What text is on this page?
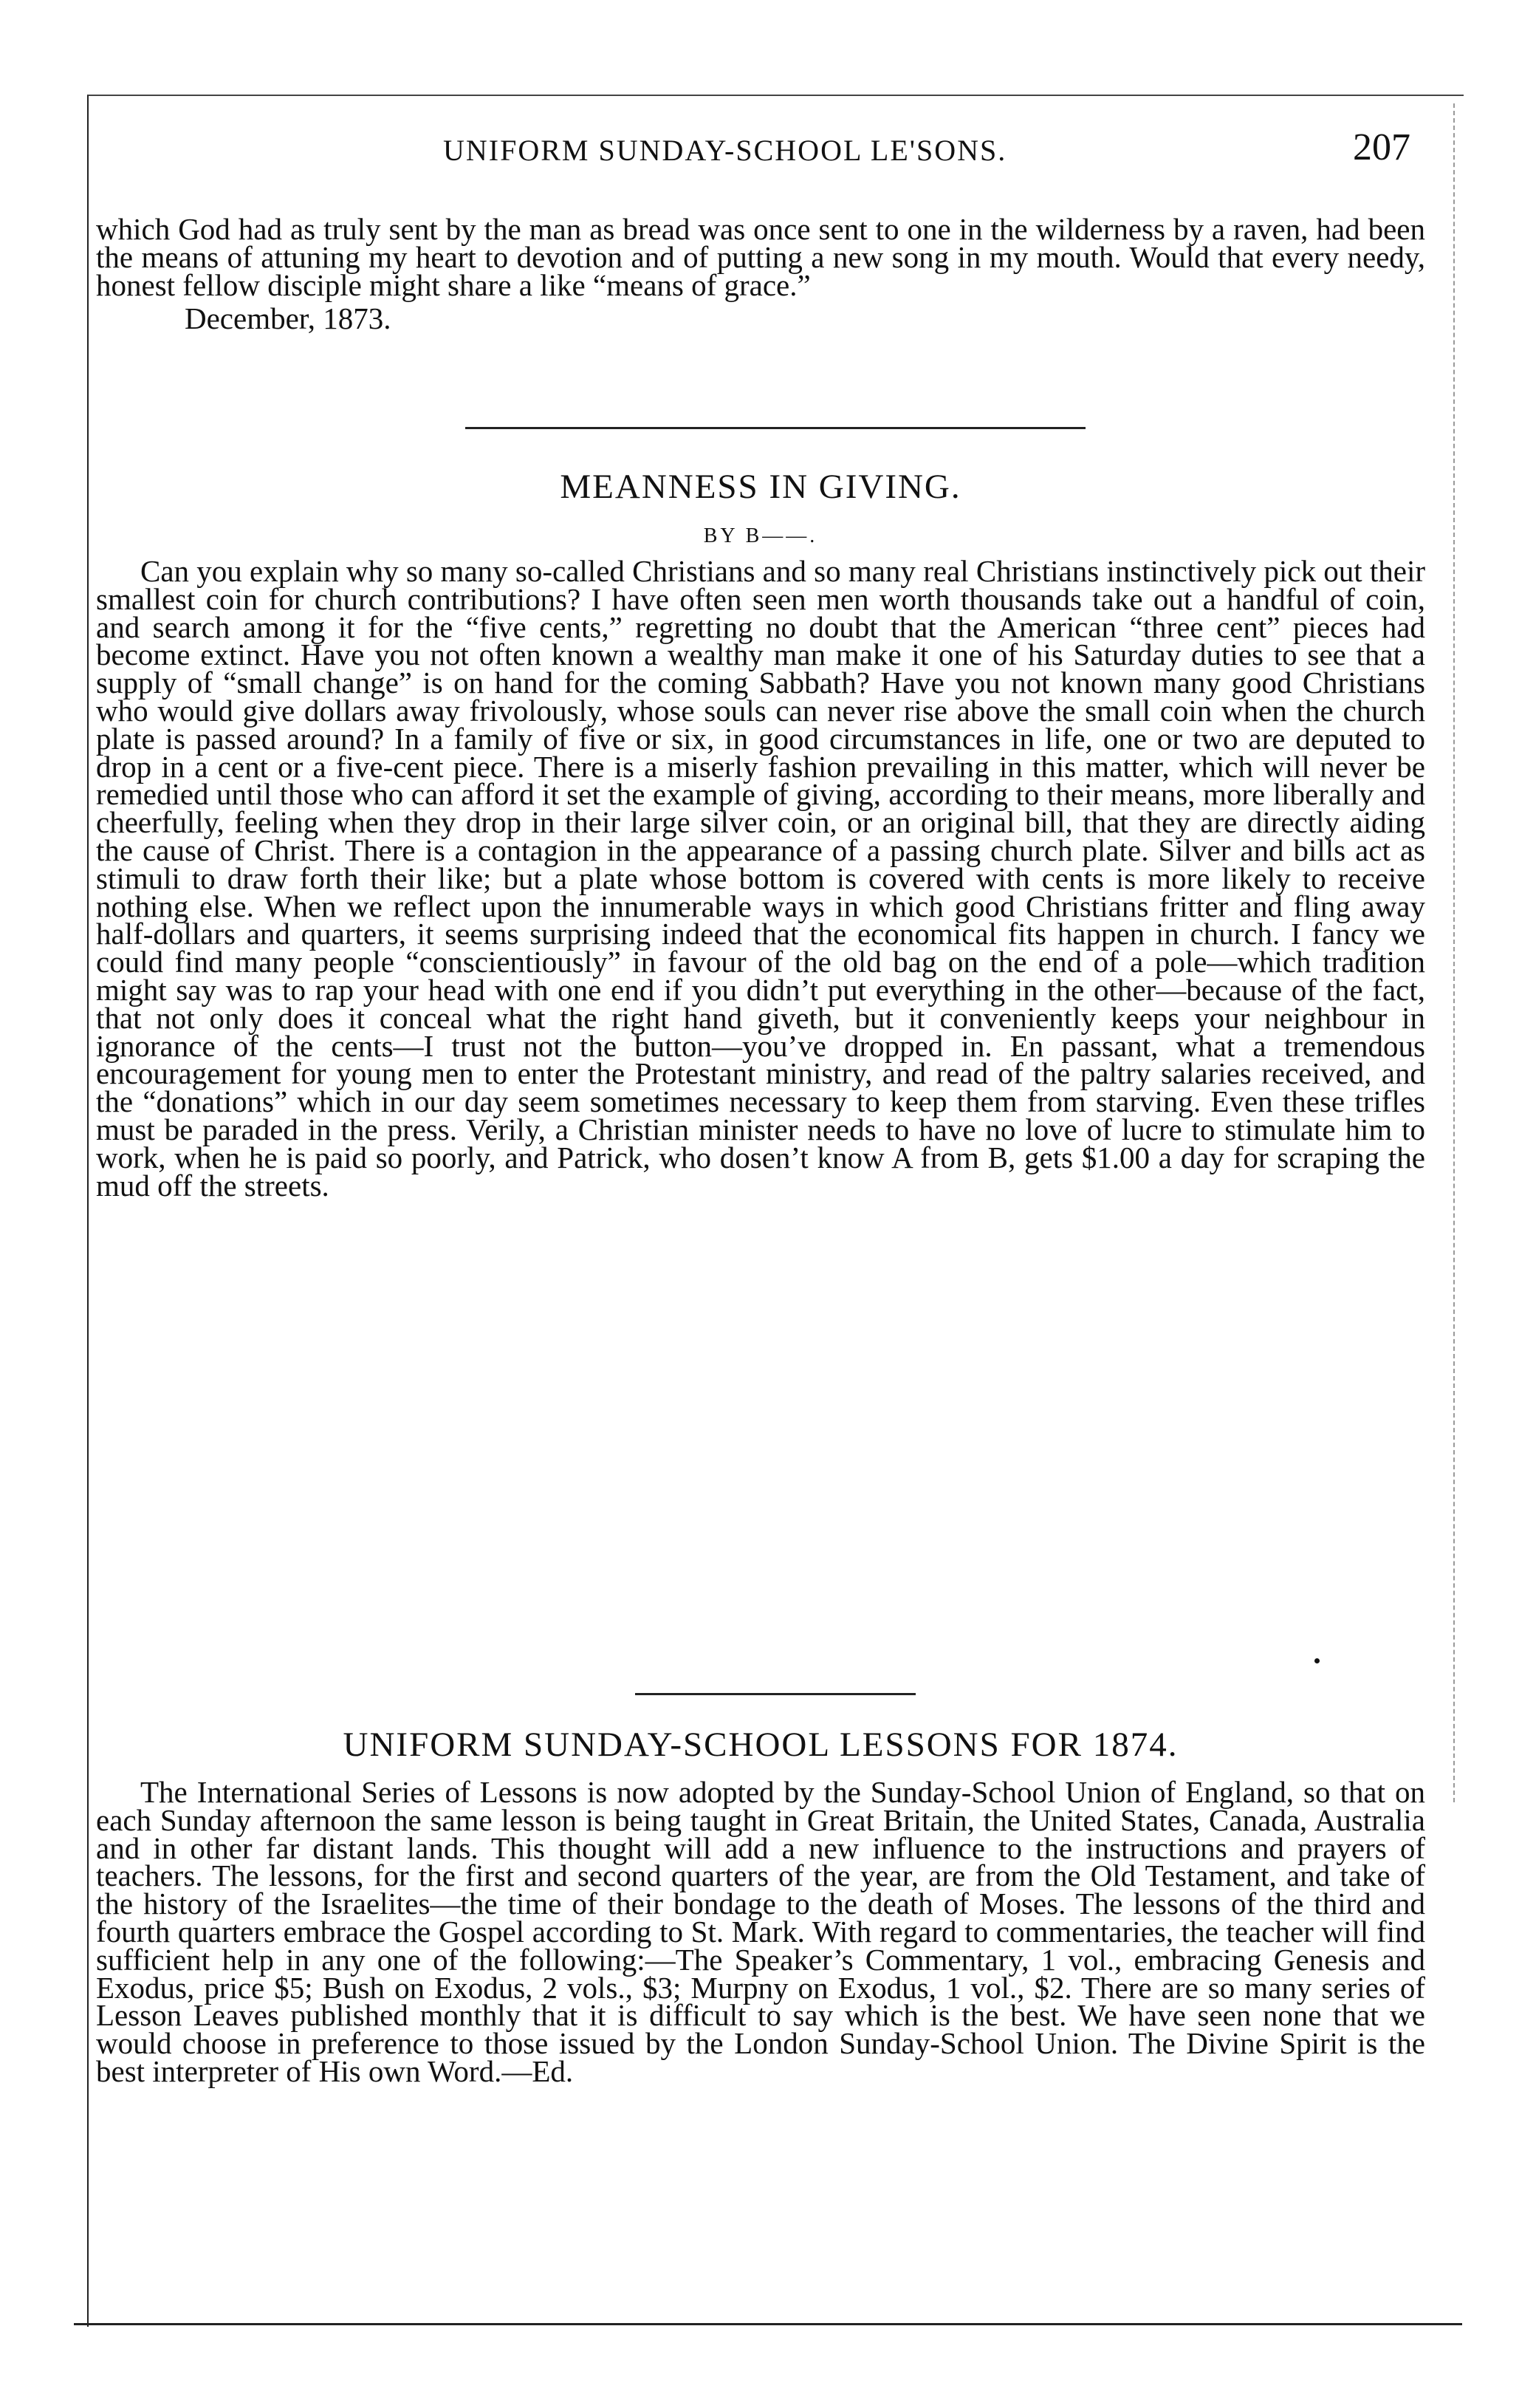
UNIFORM SUNDAY-SCHOOL LE'SONS.	207

which God had as truly sent by the man as bread was once sent to one in the wilderness by a raven, had been the means of attuning my heart to devotion and of putting a new song in my mouth. Would that every needy, honest fellow disciple might share a like “means of grace.”

December, 1873.
MEANNESS IN GIVING.
BY B——.

Can you explain why so many so-called Christians and so many real Christians instinctively pick out their smallest coin for church contributions? I have often seen men worth thousands take out a handful of coin, and search among it for the “five cents,” regretting no doubt that the American “three cent” pieces had become extinct. Have you not often known a wealthy man make it one of his Saturday duties to see that a supply of “small change” is on hand for the coming Sabbath? Have you not known many good Christians who would give dollars away frivolously, whose souls can never rise above the small coin when the church plate is passed around? In a family of five or six, in good circumstances in life, one or two are deputed to drop in a cent or a five-cent piece. There is a miserly fashion prevailing in this matter, which will never be remedied until those who can afford it set the example of giving, according to their means, more liberally and cheerfully, feeling when they drop in their large silver coin, or an original bill, that they are directly aiding the cause of Christ. There is a contagion in the appearance of a passing church plate. Silver and bills act as stimuli to draw forth their like; but a plate whose bottom is covered with cents is more likely to receive nothing else. When we reflect upon the innumerable ways in which good Christians fritter and fling away half-dollars and quarters, it seems surprising indeed that the economical fits happen in church. I fancy we could find many people “conscientiously” in favour of the old bag on the end of a pole—which tradition might say was to rap your head with one end if you didn’t put everything in the other—because of the fact, that not only does it conceal what the right hand giveth, but it conveniently keeps your neighbour in ignorance of the cents—I trust not the button—you’ve dropped in. En passant, what a tremendous encouragement for young men to enter the Protestant ministry, and read of the paltry salaries received, and the “donations” which in our day seem sometimes necessary to keep them from starving. Even these trifles must be paraded in the press. Verily, a Christian minister needs to have no love of lucre to stimulate him to work, when he is paid so poorly, and Patrick, who dosen’t know A from B, gets $1.00 a day for scraping the mud off the streets.

UNIFORM SUNDAY-SCHOOL LESSONS FOR 1874.

The International Series of Lessons is now adopted by the Sunday-School Union of England, so that on each Sunday afternoon the same lesson is being taught in Great Britain, the United States, Canada, Australia and in other far distant lands. This thought will add a new influence to the instructions and prayers of teachers. The lessons, for the first and second quarters of the year, are from the Old Testament, and take of the history of the Israelites—the time of their bondage to the death of Moses. The lessons of the third and fourth quarters embrace the Gospel according to St. Mark. With regard to commentaries, the teacher will find sufficient help in any one of the following:—The Speaker’s Commentary, 1 vol., embracing Genesis and Exodus, price $5; Bush on Exodus, 2 vols., $3; Murpny on Exodus, 1 vol., $2. There are so many series of Lesson Leaves published monthly that it is difficult to say which is the best. We have seen none that we would choose in preference to those issued by the London Sunday-School Union. The Divine Spirit is the best interpreter of His own Word.—Ed.
